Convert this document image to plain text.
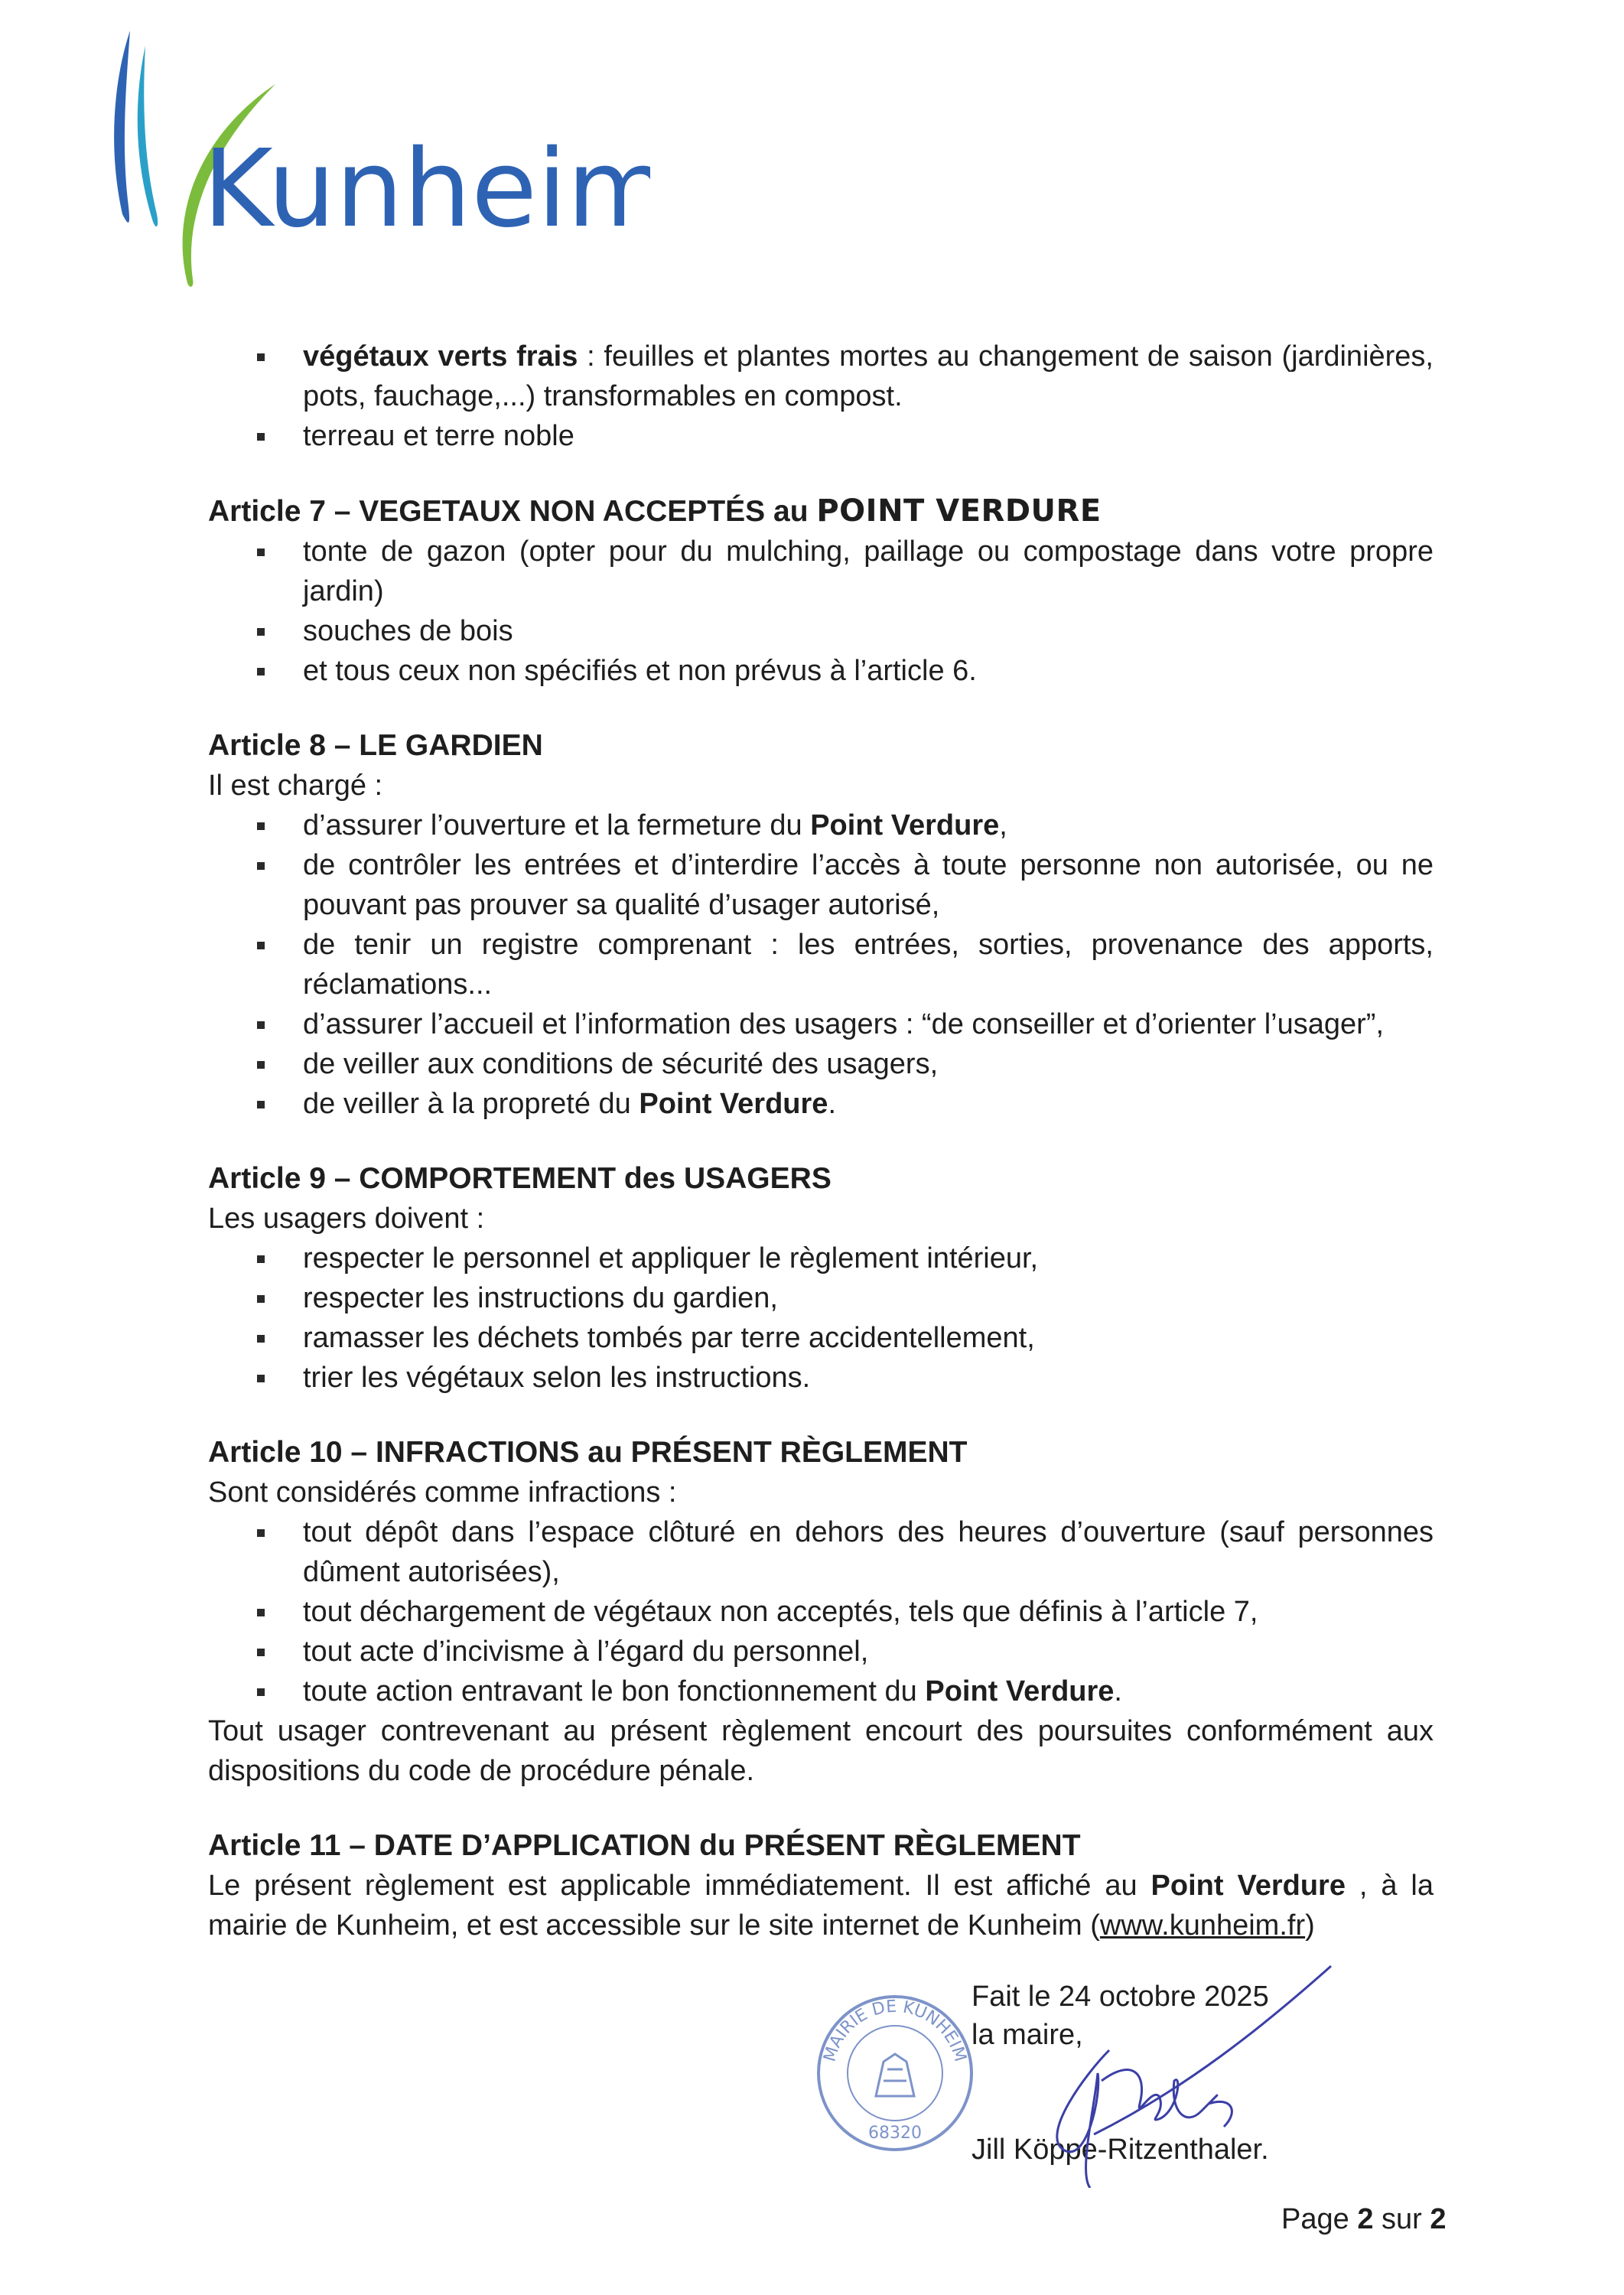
Kunheim
végétaux verts frais : feuilles et plantes mortes au changement de saison (jardinières, pots, fauchage,...) transformables en compost.
terreau et terre noble

Article 7 – VEGETAUX NON ACCEPTÉS au POINT VERDURE

tonte de gazon (opter pour du mulching, paillage ou compostage dans votre propre jardin)
souches de bois
et tous ceux non spécifiés et non prévus à l’article 6.

Article 8 – LE GARDIEN

Il est chargé :

d’assurer l’ouverture et la fermeture du Point Verdure,
de contrôler les entrées et d’interdire l’accès à toute personne non autorisée, ou ne pouvant pas prouver sa qualité d’usager autorisé,
de tenir un registre comprenant : les entrées, sorties, provenance des apports, réclamations...
d’assurer l’accueil et l’information des usagers : “de conseiller et d’orienter l’usager”,
de veiller aux conditions de sécurité des usagers,
de veiller à la propreté du Point Verdure.

Article 9 – COMPORTEMENT des USAGERS

Les usagers doivent :

respecter le personnel et appliquer le règlement intérieur,
respecter les instructions du gardien,
ramasser les déchets tombés par terre accidentellement,
trier les végétaux selon les instructions.

Article 10 – INFRACTIONS au PRÉSENT RÈGLEMENT

Sont considérés comme infractions :

tout dépôt dans l’espace clôturé en dehors des heures d’ouverture (sauf personnes dûment autorisées),
tout déchargement de végétaux non acceptés, tels que définis à l’article 7,
tout acte d’incivisme à l’égard du personnel,
toute action entravant le bon fonctionnement du Point Verdure.

Tout usager contrevenant au présent règlement encourt des poursuites conformément aux dispositions du code de procédure pénale.

Article 11 – DATE D’APPLICATION du PRÉSENT RÈGLEMENT

Le présent règlement est applicable immédiatement. Il est affiché au Point Verdure , à la mairie de Kunheim, et est accessible sur le site internet de Kunheim (www.kunheim.fr)

MAIRIE DE KUNHEIM
68320
Fait le 24 octobre 2025
la maire,
Jill Köppe-Ritzenthaler.
Page 2 sur 2
